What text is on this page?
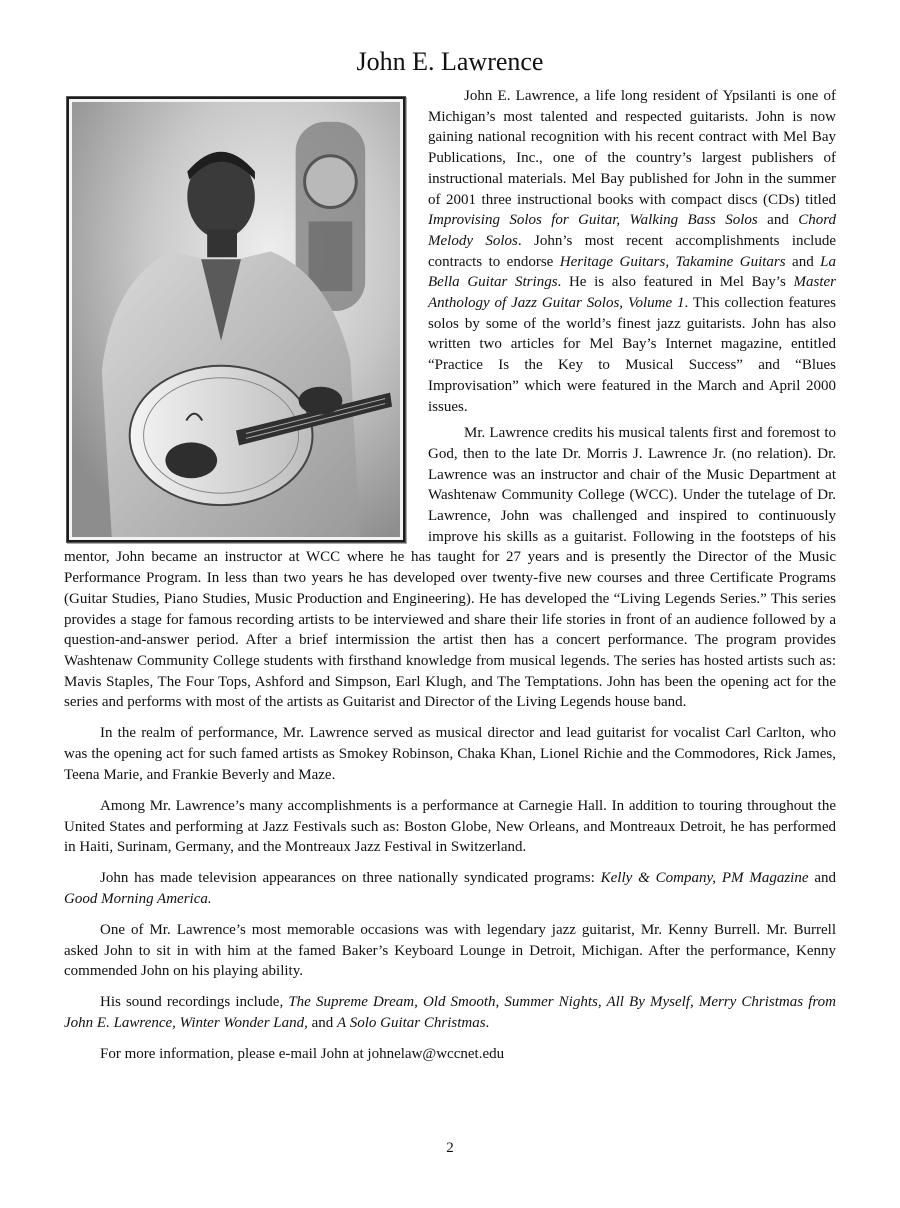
John E. Lawrence

John E. Lawrence, a life long resident of Ypsilanti is one of Michigan’s most talented and respected guitarists. John is now gaining national recognition with his recent contract with Mel Bay Publications, Inc., one of the country’s largest publishers of instructional materials. Mel Bay published for John in the summer of 2001 three instructional books with compact discs (CDs) titled Improvising Solos for Guitar, Walking Bass Solos and Chord Melody Solos. John’s most recent accomplishments include contracts to endorse Heritage Guitars, Takamine Guitars and La Bella Guitar Strings. He is also featured in Mel Bay’s Master Anthology of Jazz Guitar Solos, Volume 1. This collection features solos by some of the world’s finest jazz guitarists. John has also written two articles for Mel Bay’s Internet magazine, entitled “Practice Is the Key to Musical Success” and “Blues Improvisation” which were featured in the March and April 2000 issues.

Mr. Lawrence credits his musical talents first and foremost to God, then to the late Dr. Morris J. Lawrence Jr. (no relation). Dr. Lawrence was an instructor and chair of the Music Department at Washtenaw Community College (WCC). Under the tutelage of Dr. Lawrence, John was challenged and inspired to continuously improve his skills as a guitarist. Following in the footsteps of his mentor, John became an instructor at WCC where he has taught for 27 years and is presently the Director of the Music Performance Program. In less than two years he has developed over twenty-five new courses and three Certificate Programs (Guitar Studies, Piano Studies, Music Production and Engineering). He has developed the “Living Legends Series.” This series provides a stage for famous recording artists to be interviewed and share their life stories in front of an audience followed by a question-and-answer period. After a brief intermission the artist then has a concert performance. The program provides Washtenaw Community College students with firsthand knowledge from musical legends. The series has hosted artists such as: Mavis Staples, The Four Tops, Ashford and Simpson, Earl Klugh, and The Temptations. John has been the opening act for the series and performs with most of the artists as Guitarist and Director of the Living Legends house band.

In the realm of performance, Mr. Lawrence served as musical director and lead guitarist for vocalist Carl Carlton, who was the opening act for such famed artists as Smokey Robinson, Chaka Khan, Lionel Richie and the Commodores, Rick James, Teena Marie, and Frankie Beverly and Maze.

Among Mr. Lawrence’s many accomplishments is a performance at Carnegie Hall. In addition to touring throughout the United States and performing at Jazz Festivals such as: Boston Globe, New Orleans, and Montreaux Detroit, he has performed in Haiti, Surinam, Germany, and the Montreaux Jazz Festival in Switzerland.

John has made television appearances on three nationally syndicated programs: Kelly & Company, PM Magazine and Good Morning America.

One of Mr. Lawrence’s most memorable occasions was with legendary jazz guitarist, Mr. Kenny Burrell. Mr. Burrell asked John to sit in with him at the famed Baker’s Keyboard Lounge in Detroit, Michigan. After the performance, Kenny commended John on his playing ability.

His sound recordings include, The Supreme Dream, Old Smooth, Summer Nights, All By Myself, Merry Christmas from John E. Lawrence, Winter Wonder Land, and A Solo Guitar Christmas.

For more information, please e-mail John at johnelaw@wccnet.edu

2
